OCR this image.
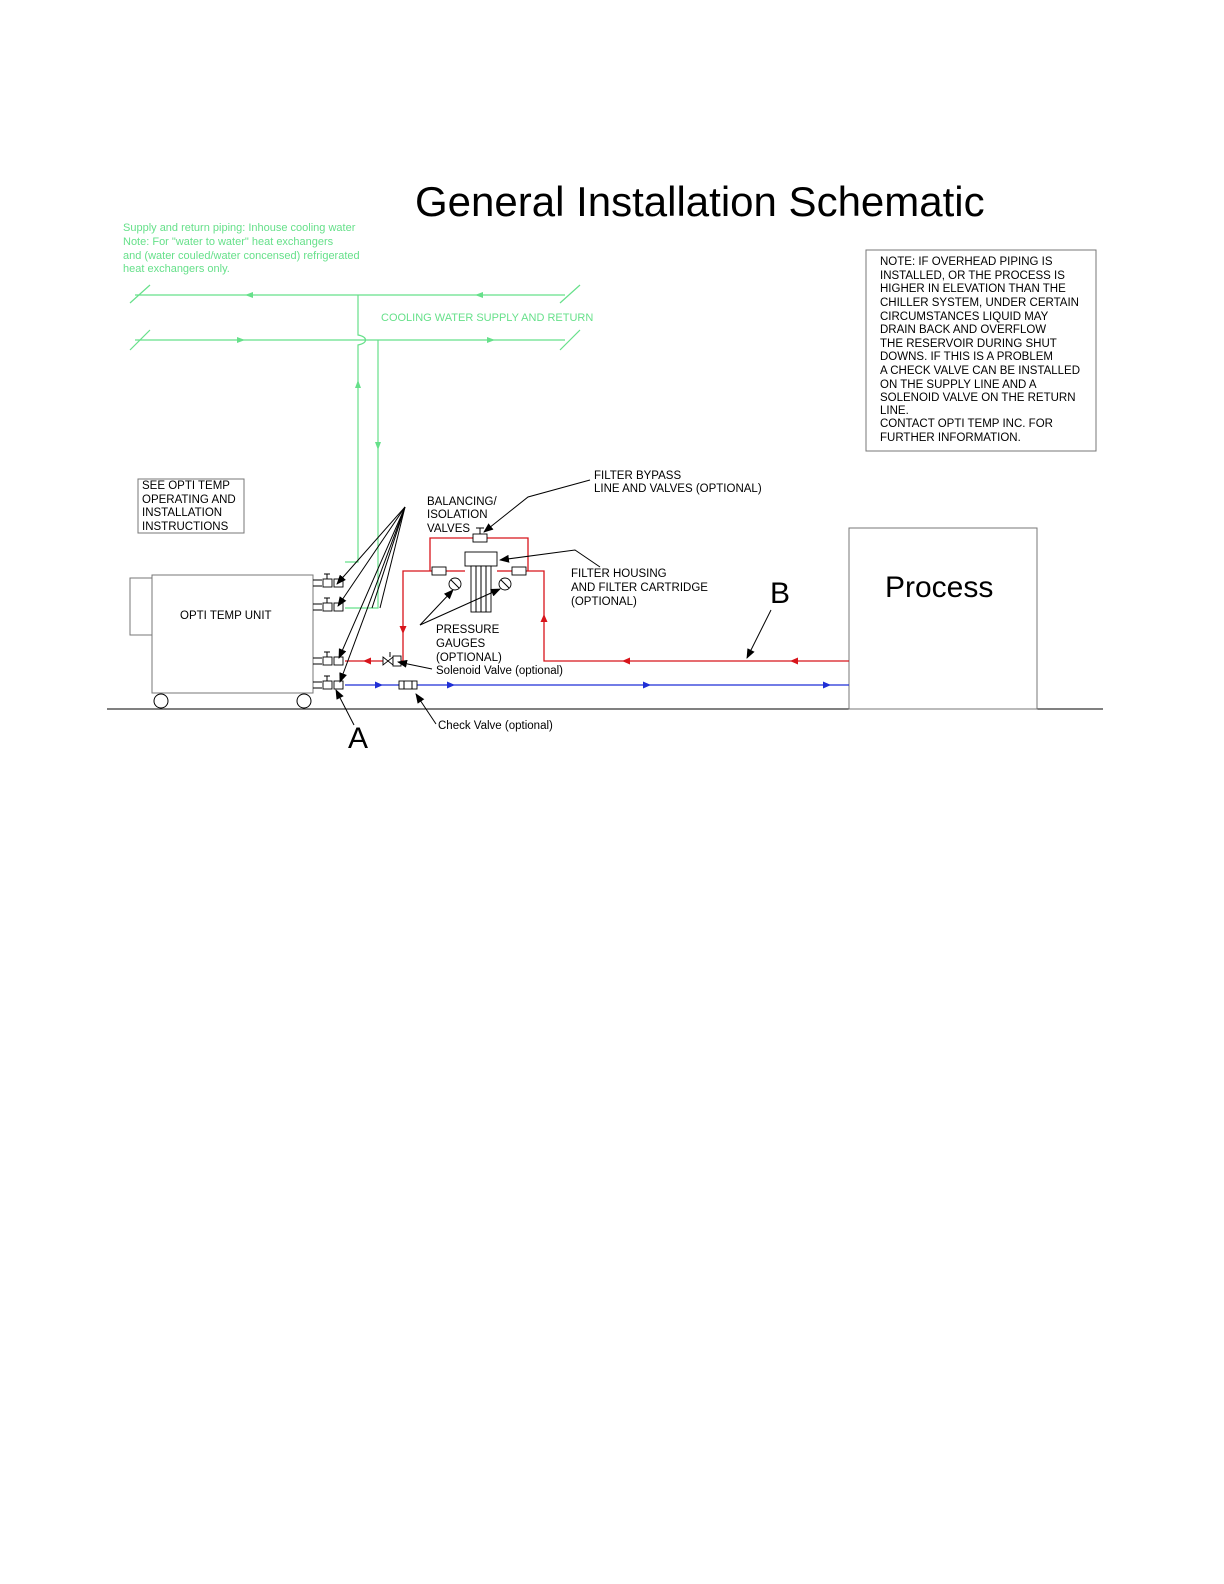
General Installation Schematic
Supply and return piping: Inhouse cooling water
Note: For "water to water" heat exchangers
and (water couled/water concensed) refrigerated
heat exchangers only.
COOLING WATER SUPPLY AND RETURN
NOTE: IF OVERHEAD PIPING IS
INSTALLED, OR THE PROCESS IS
HIGHER IN ELEVATION THAN THE
CHILLER SYSTEM, UNDER CERTAIN
CIRCUMSTANCES LIQUID MAY
DRAIN BACK AND OVERFLOW
THE RESERVOIR DURING SHUT
DOWNS. IF THIS IS A PROBLEM
A CHECK VALVE CAN BE INSTALLED
ON THE SUPPLY LINE AND A
SOLENOID VALVE ON THE RETURN
LINE.
CONTACT OPTI TEMP INC. FOR
FURTHER INFORMATION.
SEE OPTI TEMP
OPERATING AND
INSTALLATION
INSTRUCTIONS
OPTI TEMP UNIT
Process
BALANCING/
ISOLATION
VALVES
FILTER BYPASS
LINE AND VALVES (OPTIONAL)
FILTER HOUSING
AND FILTER CARTRIDGE
(OPTIONAL)
PRESSURE
GAUGES
(OPTIONAL)
Solenoid Valve (optional)
Check Valve (optional)
A
B
